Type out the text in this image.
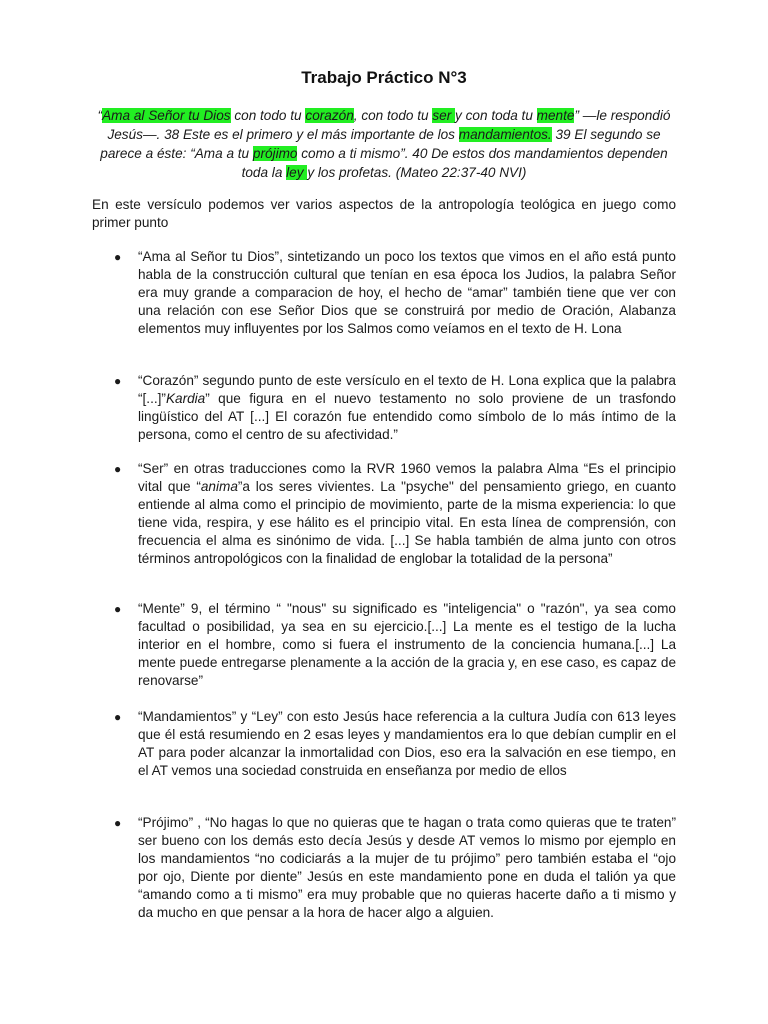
Trabajo Práctico N°3
“Ama al Señor tu Dios con todo tu corazón, con todo tu ser y con toda tu mente” —le respondió Jesús—. 38 Este es el primero y el más importante de los mandamientos. 39 El segundo se parece a éste: “Ama a tu prójimo como a ti mismo”. 40 De estos dos mandamientos dependen toda la ley y los profetas. (Mateo 22:37-40 NVI)
En este versículo podemos ver varios aspectos de la antropología teológica en juego como primer punto
● “Ama al Señor tu Dios”, sintetizando un poco los textos que vimos en el año está punto habla de la construcción cultural que tenían en esa época los Judios, la palabra Señor era muy grande a comparacion de hoy, el hecho de “amar” también tiene que ver con una relación con ese Señor Dios que se construirá por medio de Oración, Alabanza elementos muy influyentes por los Salmos como veíamos en el texto de H. Lona
● “Corazón” segundo punto de este versículo en el texto de H. Lona explica que la palabra “[...]”Kardia” que figura en el nuevo testamento no solo proviene de un trasfondo lingüístico del AT [...] El corazón fue entendido como símbolo de lo más íntimo de la persona, como el centro de su afectividad.”
● “Ser” en otras traducciones como la RVR 1960 vemos la palabra Alma “Es el principio vital que “anima”a los seres vivientes. La "psyche" del pensamiento griego, en cuanto entiende al alma como el principio de movimiento, parte de la misma experiencia: lo que tiene vida, respira, y ese hálito es el principio vital. En esta línea de comprensión, con frecuencia el alma es sinónimo de vida. [...] Se habla también de alma junto con otros términos antropológicos con la finalidad de englobar la totalidad de la persona”
● “Mente” 9, el término “ "nous" su significado es "inteligencia" o "razón", ya sea como facultad o posibilidad, ya sea en su ejercicio.[...] La mente es el testigo de la lucha interior en el hombre, como si fuera el instrumento de la conciencia humana.[...] La mente puede entregarse plenamente a la acción de la gracia y, en ese caso, es capaz de renovarse”
● “Mandamientos” y “Ley” con esto Jesús hace referencia a la cultura Judía con 613 leyes que él está resumiendo en 2 esas leyes y mandamientos era lo que debían cumplir en el AT para poder alcanzar la inmortalidad con Dios, eso era la salvación en ese tiempo, en el AT vemos una sociedad construida en enseñanza por medio de ellos
● “Prójimo” , “No hagas lo que no quieras que te hagan o trata como quieras que te traten” ser bueno con los demás esto decía Jesús y desde AT vemos lo mismo por ejemplo en los mandamientos “no codiciarás a la mujer de tu prójimo” pero también estaba el “ojo por ojo, Diente por diente” Jesús en este mandamiento pone en duda el talión ya que “amando como a ti mismo” era muy probable que no quieras hacerte daño a ti mismo y da mucho en que pensar a la hora de hacer algo a alguien.
